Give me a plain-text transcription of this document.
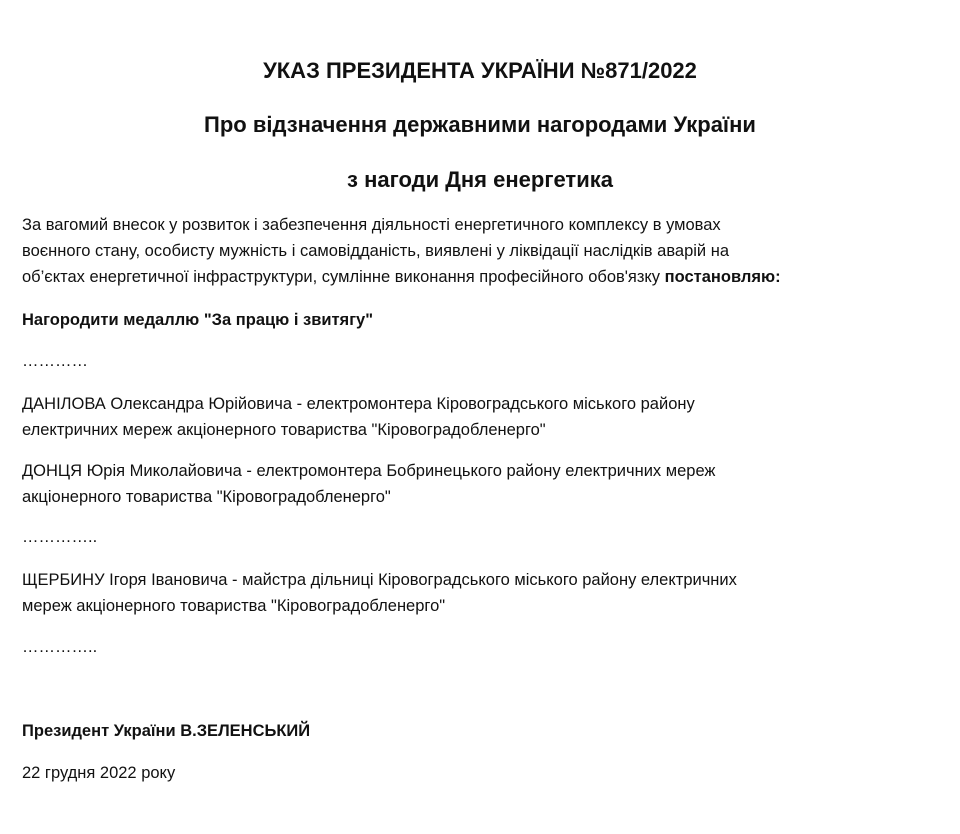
УКАЗ ПРЕЗИДЕНТА УКРАЇНИ №871/2022
Про відзначення державними нагородами України
з нагоди Дня енергетика
За вагомий внесок у розвиток і забезпечення діяльності енергетичного комплексу в умовах
воєнного стану, особисту мужність і самовідданість, виявлені у ліквідації наслідків аварій на
об’єктах енергетичної інфраструктури, сумлінне виконання професійного обов'язку постановляю:
Нагородити медаллю "За працю і звитягу"
…………
ДАНІЛОВА Олександра Юрійовича - електромонтера Кіровоградського міського району
електричних мереж акціонерного товариства "Кіровоградобленерго"
ДОНЦЯ Юрія Миколайовича - електромонтера Бобринецького району електричних мереж
акціонерного товариства "Кіровоградобленерго"
…………..
ЩЕРБИНУ Ігоря Івановича - майстра дільниці Кіровоградського міського району електричних
мереж акціонерного товариства "Кіровоградобленерго"
…………..
Президент України В.ЗЕЛЕНСЬКИЙ
22 грудня 2022 року
